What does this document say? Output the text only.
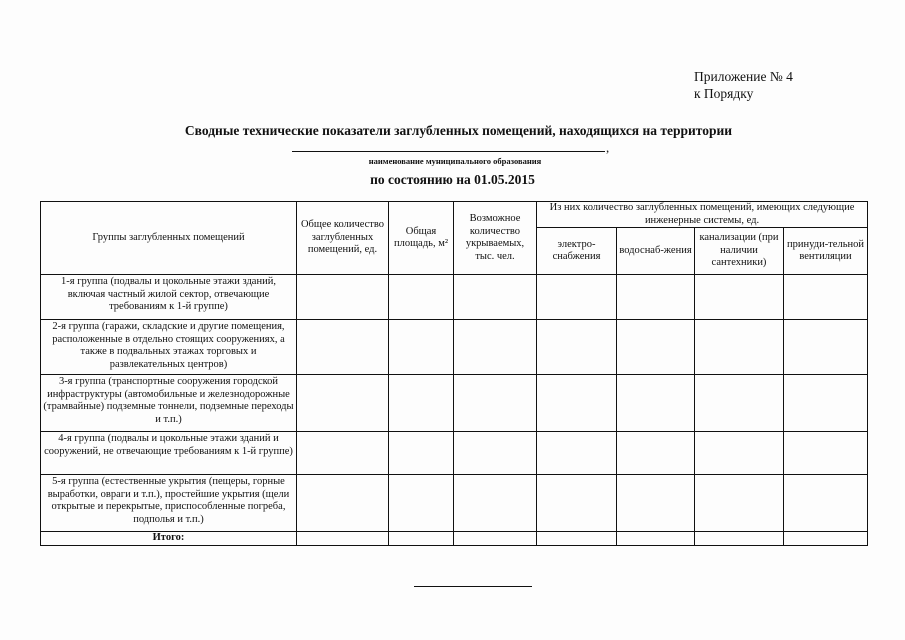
Приложение № 4
к Порядку
Сводные технические показатели заглубленных помещений, находящихся на территории
,
наименование муниципального образования
по состоянию на 01.05.2015
Группы заглубленных помещений	Общее количество заглубленных помещений, ед.	Общая площадь, м²	Возможное количество укрываемых, тыс. чел.	Из них количество заглубленных помещений, имеющих следующие инженерные системы, ед.			
				электро-снабжения	водоснаб-жения	канализации (при наличии сантехники)	принуди-тельной вентиляции
1-я группа (подвалы и цокольные этажи зданий, включая частный жилой сектор, отвечающие требованиям к 1-й группе)							
2-я группа (гаражи, складские и другие помещения, расположенные в отдельно стоящих сооружениях, а также в подвальных этажах торговых и развлекательных центров)							
3-я группа (транспортные сооружения городской инфраструктуры (автомобильные и железнодорожные (трамвайные) подземные тоннели, подземные переходы и т.п.)							
4-я группа (подвалы и цокольные этажи зданий и сооружений, не отвечающие требованиям к 1-й группе)							
5-я группа (естественные укрытия (пещеры, горные выработки, овраги и т.п.), простейшие укрытия (щели открытые и перекрытые, приспособленные погреба, подполья и т.п.)							
Итого:							
